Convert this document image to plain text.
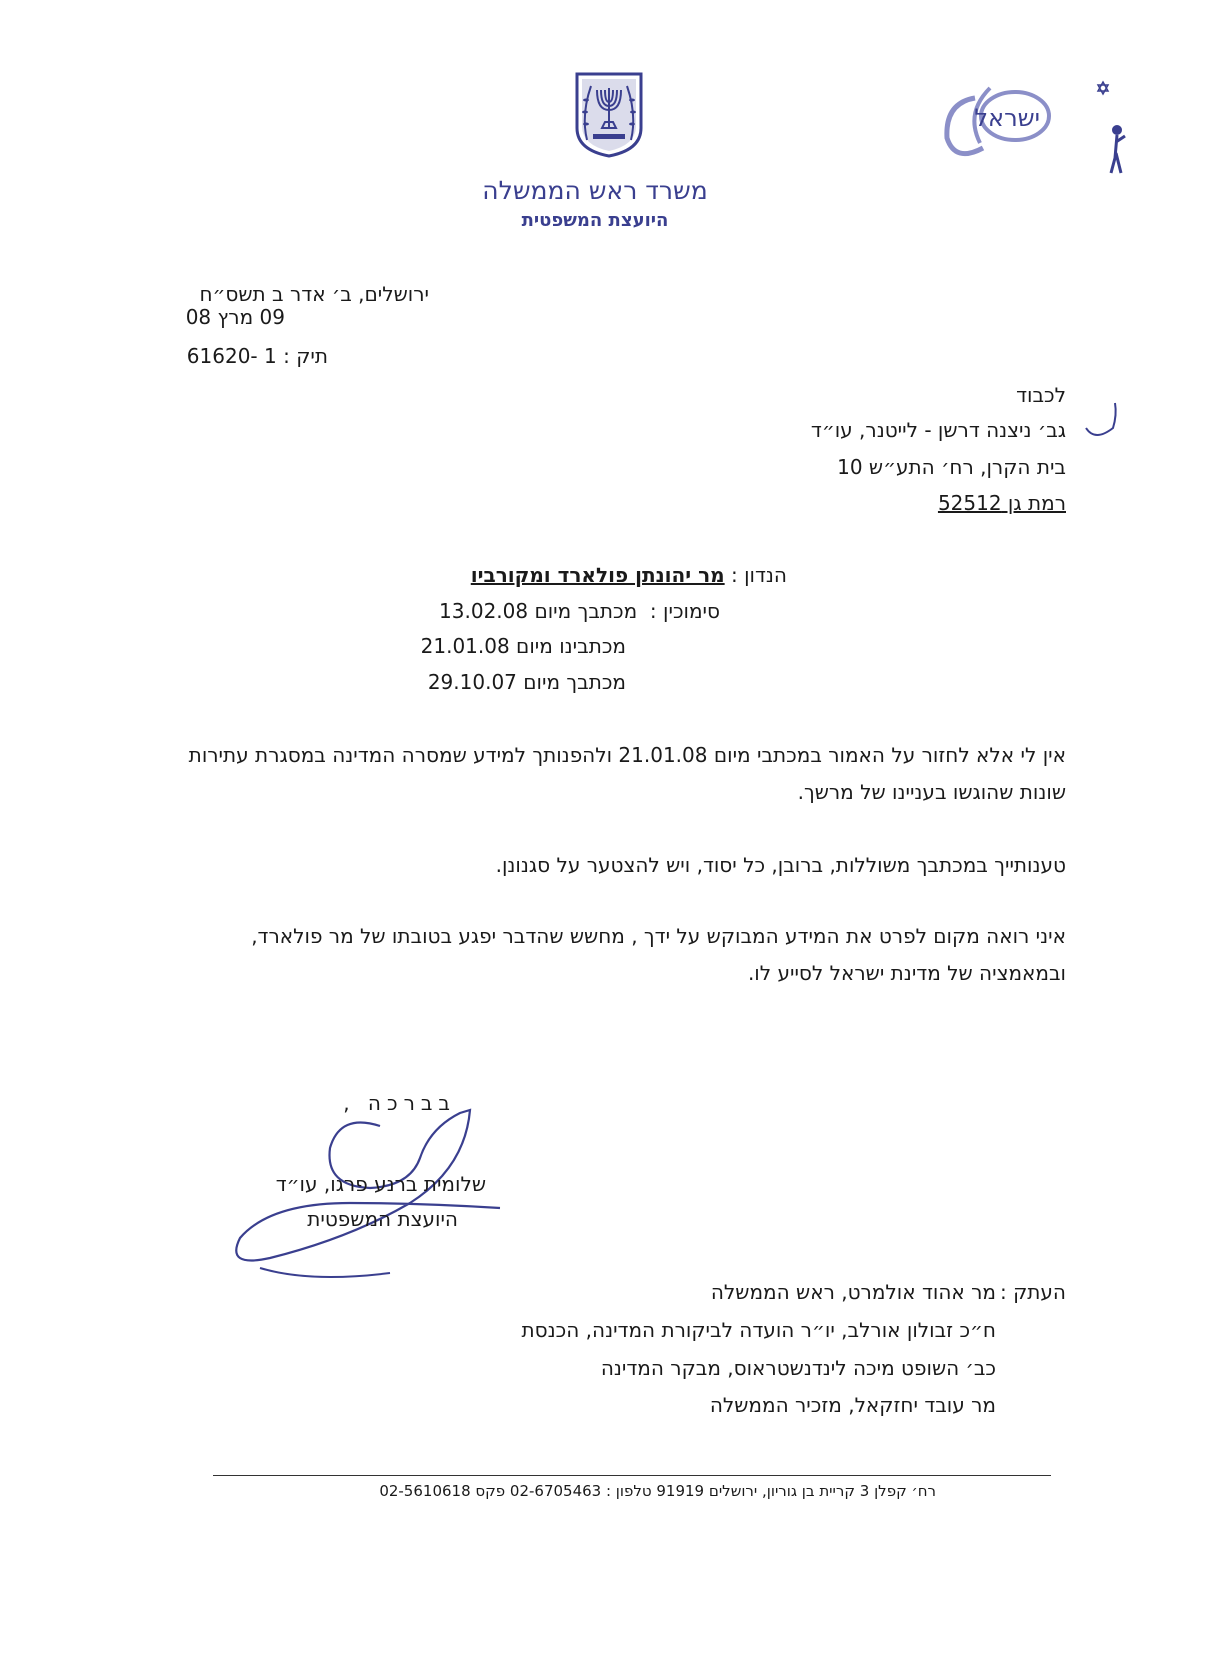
משרד ראש הממשלה
היועצת המשפטית
ישראל
ירושלים, ב׳ אדר ב תשס״ח
09 מרץ 08
תיק : 1 -61620
לכבוד
גב׳ ניצנה דרשן - לייטנר, עו״ד
בית הקרן, רח׳ התע״ש 10
רמת גן 52512
הנדון : מר יהונתן פולארד ומקורביו
סימוכין :  מכתבך מיום 13.02.08
מכתבינו מיום 21.01.08
מכתבך מיום 29.10.07
אין לי אלא לחזור על האמור במכתבי מיום 21.01.08 ולהפנותך למידע שמסרה המדינה במסגרת עתירות שונות שהוגשו בעניינו של מרשך.
טענותייך במכתבך משוללות, ברובן, כל יסוד, ויש להצטער על סגנונן.
איני רואה מקום לפרט את המידע המבוקש על ידך , מחשש שהדבר יפגע בטובתו של מר פולארד, ובמאמציה של מדינת ישראל לסייע לו.
בברכה ,
שלומית ברנע פרגו, עו״ד
היועצת המשפטית
העתק :
מר אהוד אולמרט, ראש הממשלה
ח״כ זבולון אורלב, יו״ר הועדה לביקורת המדינה, הכנסת
כב׳ השופט מיכה לינדנשטראוס, מבקר המדינה
מר עובד יחזקאל, מזכיר הממשלה
רח׳ קפלן 3 קריית בן גוריון, ירושלים 91919 טלפון : 02-6705463 פקס 02-5610618
